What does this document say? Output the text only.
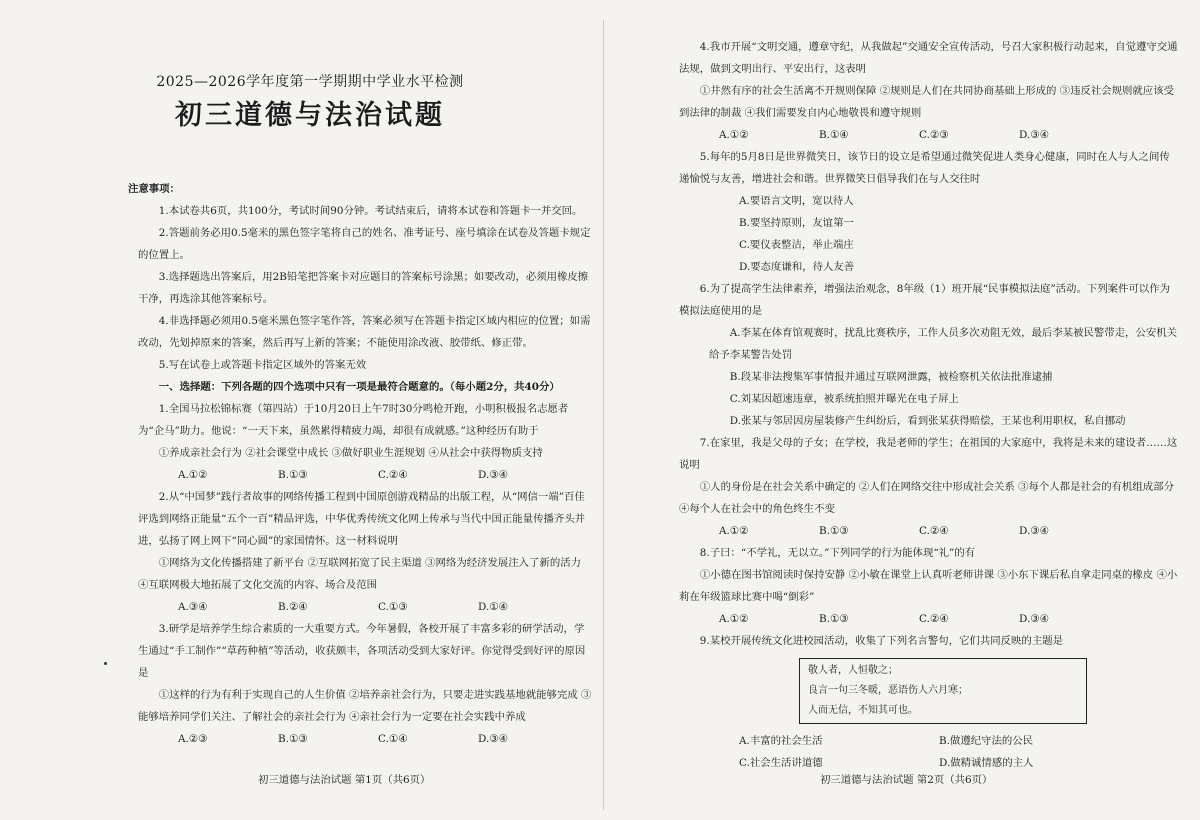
2025—2026学年度第一学期期中学业水平检测

初三道德与法治试题

注意事项：

1.本试卷共6页，共100分，考试时间90分钟。考试结束后，请将本试卷和答题卡一并交回。

2.答题前务必用0.5毫米的黑色签字笔将自己的姓名、准考证号、座号填涂在试卷及答题卡规定的位置上。

3.选择题选出答案后，用2B铅笔把答案卡对应题目的答案标号涂黑；如要改动，必须用橡皮擦干净，再选涂其他答案标号。

4.非选择题必须用0.5毫米黑色签字笔作答，答案必须写在答题卡指定区域内相应的位置；如需改动，先划掉原来的答案，然后再写上新的答案；不能使用涂改液、胶带纸、修正带。

5.写在试卷上或答题卡指定区域外的答案无效

一、选择题：下列各题的四个选项中只有一项是最符合题意的。（每小题2分，共40分）

1.全国马拉松锦标赛（第四站）于10月20日上午7时30分鸣枪开跑，小明积极报名志愿者为“企马”助力。他说：“一天下来，虽然累得精疲力竭，却很有成就感。”这种经历有助于

①养成亲社会行为 ②社会课堂中成长 ③做好职业生涯规划 ④从社会中获得物质支持

A.①②	B.①③	C.②④	D.③④

2.从“中国梦”践行者故事的网络传播工程到中国原创游戏精品的出版工程，从“网信一端”百佳评选到网络正能量“五个一百”精品评选，中华优秀传统文化网上传承与当代中国正能量传播齐头并进，弘扬了网上网下“同心圆”的家国情怀。这一材料说明

①网络为文化传播搭建了新平台 ②互联网拓宽了民主渠道 ③网络为经济发展注入了新的活力 ④互联网极大地拓展了文化交流的内容、场合及范围

A.③④	B.②④	C.①③	D.①④

3.研学是培养学生综合素质的一大重要方式。今年暑假，各校开展了丰富多彩的研学活动，学生通过“手工制作”“草药种植”等活动，收获颇丰，各项活动受到大家好评。你觉得受到好评的原因是

①这样的行为有利于实现自己的人生价值 ②培养亲社会行为，只要走进实践基地就能够完成 ③能够培养同学们关注、了解社会的亲社会行为 ④亲社会行为一定要在社会实践中养成

A.②③	B.①③	C.①④	D.③④

初三道德与法治试题 第1页（共6页）

4.我市开展“文明交通，遵章守纪，从我做起”交通安全宣传活动，号召大家积极行动起来，自觉遵守交通法规，做到文明出行、平安出行，这表明

①井然有序的社会生活离不开规则保障 ②规则是人们在共同协商基础上形成的 ③违反社会规则就应该受到法律的制裁 ④我们需要发自内心地敬畏和遵守规则

A.①②	B.①④	C.②③	D.③④

5.每年的5月8日是世界微笑日，该节日的设立是希望通过微笑促进人类身心健康，同时在人与人之间传递愉悦与友善，增进社会和谐。世界微笑日倡导我们在与人交往时

A.要语言文明，宽以待人

B.要坚持原则，友谊第一

C.要仪表整洁，举止端庄

D.要态度谦和，待人友善

6.为了提高学生法律素养，增强法治观念，8年级（1）班开展“民事模拟法庭”活动。下列案件可以作为模拟法庭使用的是

A.李某在体育馆观赛时，扰乱比赛秩序，工作人员多次劝阻无效，最后李某被民警带走，公安机关给予李某警告处罚

B.段某非法搜集军事情报并通过互联网泄露，被检察机关依法批准逮捕

C.刘某因超速违章，被系统拍照并曝光在电子屏上

D.张某与邻居因房屋装修产生纠纷后，看到张某获得赔偿，王某也利用职权，私自挪动

7.在家里，我是父母的子女；在学校，我是老师的学生；在祖国的大家庭中，我将是未来的建设者……这说明

①人的身份是在社会关系中确定的 ②人们在网络交往中形成社会关系 ③每个人都是社会的有机组成部分 ④每个人在社会中的角色终生不变

A.①②	B.①③	C.②④	D.③④

8.子曰：“不学礼，无以立。”下列同学的行为能体现“礼”的有

①小德在图书馆阅读时保持安静 ②小敏在课堂上认真听老师讲课 ③小东下课后私自拿走同桌的橡皮 ④小莉在年级篮球比赛中喝“倒彩”

A.①②	B.①③	C.②④	D.③④

9.某校开展传统文化进校园活动，收集了下列名言警句，它们共同反映的主题是

敬人者，人恒敬之；

良言一句三冬暖，恶语伤人六月寒；

人而无信，不知其可也。

A.丰富的社会生活	B.做遵纪守法的公民
C.社会生活讲道德	D.做精诚情感的主人

初三道德与法治试题 第2页（共6页）
